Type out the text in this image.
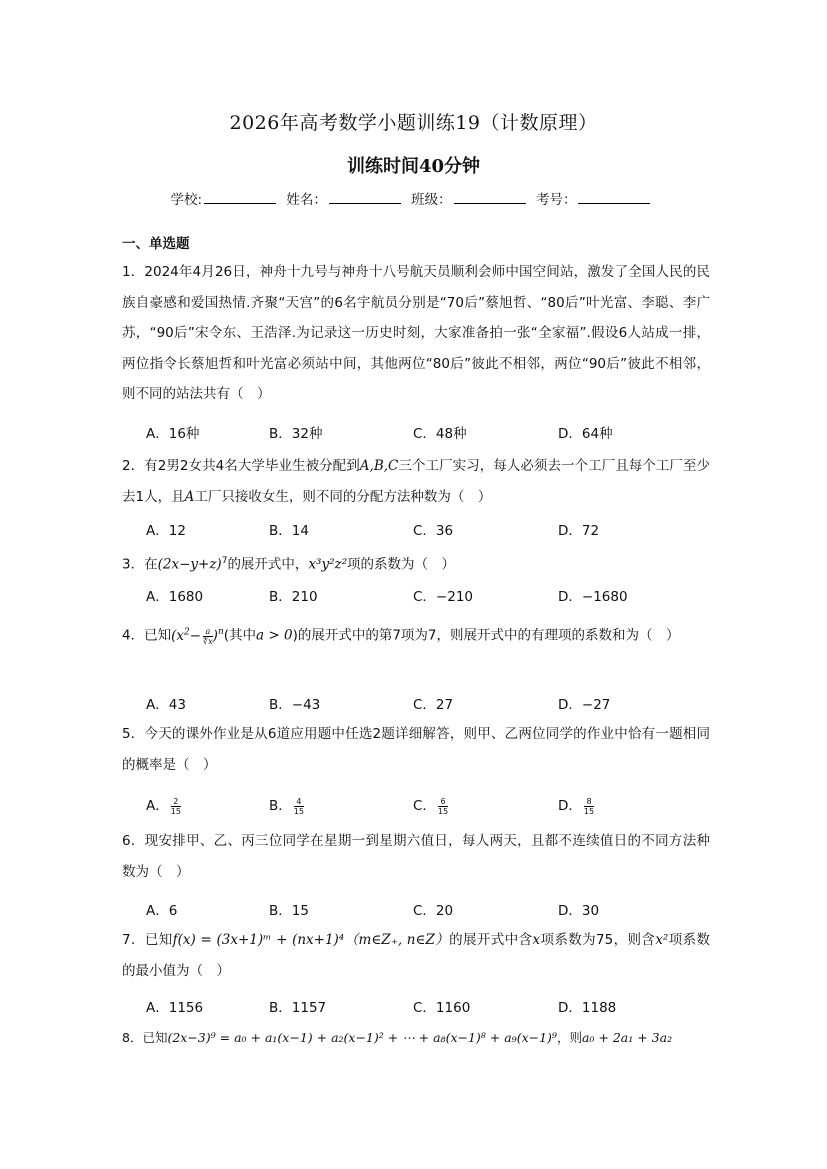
2026年高考数学小题训练19（计数原理）
训练时间40分钟
学校:	姓名：	班级：	考号：
一、单选题
1．2024年4月26日，神舟十九号与神舟十八号航天员顺利会师中国空间站，激发了全国人民的民族自豪感和爱国热情.齐聚“天宫”的6名宇航员分别是“70后”蔡旭哲、“80后”叶光富、李聪、李广苏，“90后”宋令东、王浩泽.为记录这一历史时刻，大家准备拍一张“全家福”.假设6人站成一排，两位指令长蔡旭哲和叶光富必须站中间，其他两位“80后”彼此不相邻，两位“90后”彼此不相邻，则不同的站法共有（　）
A．16种	B．32种	C．48种	D．64种
2．有2男2女共4名大学毕业生被分配到A,B,C三个工厂实习，每人必须去一个工厂且每个工厂至少去1人，且A工厂只接收女生，则不同的分配方法种数为（　）
A．12	B．14	C．36	D．72
3．在$(2x-y+z)^7$的展开式中，x³y²z²项的系数为（　）
A．1680	B．210	C．−210	D．−1680
4．已知$(x^2- \frac{a}{∜x} )^n$(其中a > 0)的展开式中的第7项为7，则展开式中的有理项的系数和为（　）
A．43	B．−43	C．27	D．−27
5．今天的课外作业是从6道应用题中任选2题详细解答，则甲、乙两位同学的作业中恰有一题相同的概率是（　）
A． $\frac{2}{15}$	B． $\frac{4}{15}$	C． $\frac{6}{15}$	D． $\frac{8}{15}$
6．现安排甲、乙、丙三位同学在星期一到星期六值日，每人两天，且都不连续值日的不同方法种数为（　）
A．6	B．15	C．20	D．30
7．已知f(x) = (3x+1)ᵐ + (nx+1)⁴（m∈Z₊, n∈Z）的展开式中含x项系数为75，则含x²项系数的最小值为（　）
A．1156	B．1157	C．1160	D．1188
8．已知(2x−3)⁹ = a₀ + a₁(x−1) + a₂(x−1)² + ⋯ + a₈(x−1)⁸ + a₉(x−1)⁹，则a₀ + 2a₁ + 3a₂
